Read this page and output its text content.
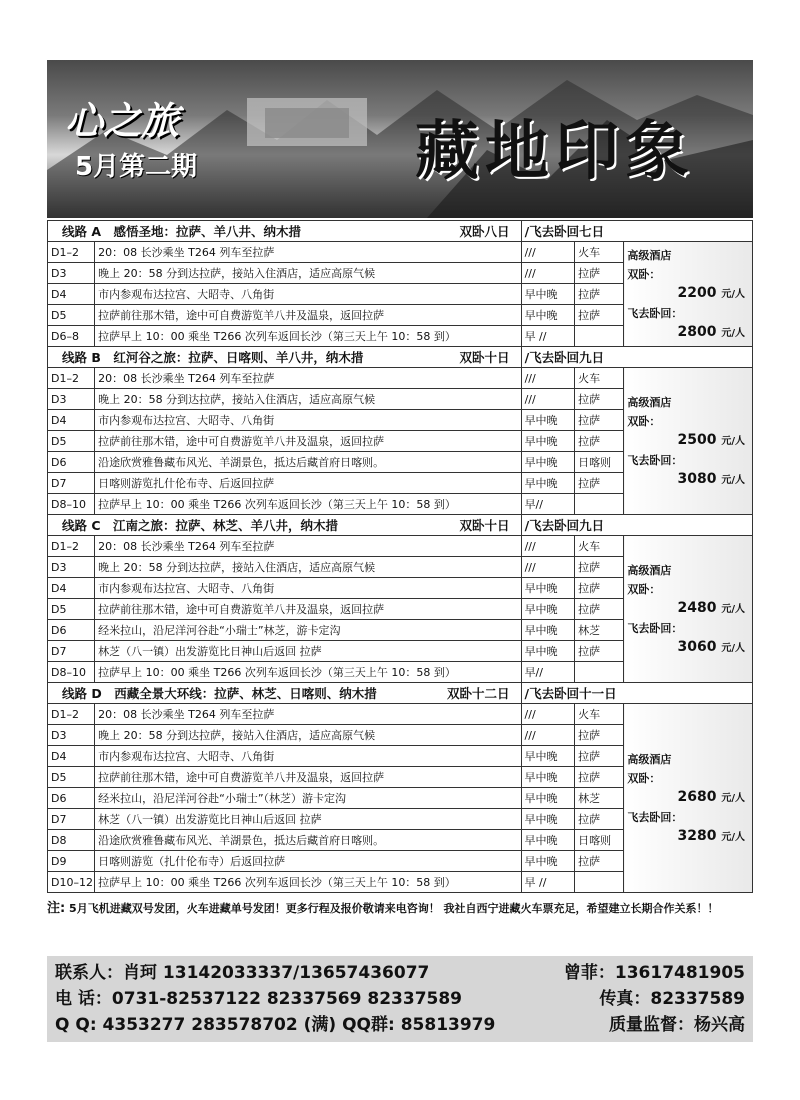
心之旅
5月第二期	藏地印象
线路 A　 感悟圣地：拉萨、羊八井、纳木措 双卧八日		/飞去卧回七日		
D1–2	20：08 长沙乘坐 T264 列车至拉萨	///	火车	高级酒店
双卧：
2200 元/人
飞去卧回：
2800 元/人

D3	晚上 20：58 分到达拉萨，接站入住酒店，适应高原气候	///	拉萨	
D4	市内参观布达拉宫、大昭寺、八角街	早中晚	拉萨	
D5	拉萨前往那木错，途中可自费游览羊八井及温泉，返回拉萨	早中晚	拉萨	
D6–8	拉萨早上 10：00 乘坐 T266 次列车返回长沙（第三天上午 10：58 到）	早 //		
线路 B　 红河谷之旅：拉萨、日喀则、羊八井，纳木措 双卧十日		/飞去卧回九日		
D1–2	20：08 长沙乘坐 T264 列车至拉萨	///	火车	高级酒店
双卧：
2500 元/人
飞去卧回：
3080 元/人

D3	晚上 20：58 分到达拉萨，接站入住酒店，适应高原气候	///	拉萨	
D4	市内参观布达拉宫、大昭寺、八角街	早中晚	拉萨	
D5	拉萨前往那木错，途中可自费游览羊八井及温泉，返回拉萨	早中晚	拉萨	
D6	沿途欣赏雅鲁藏布风光、羊湖景色，抵达后藏首府日喀则。	早中晚	日喀则	
D7	日喀则游览扎什伦布寺、后返回拉萨	早中晚	拉萨	
D8–10	拉萨早上 10：00 乘坐 T266 次列车返回长沙（第三天上午 10：58 到）	早//		
线路 C　 江南之旅：拉萨、林芝、羊八井，纳木措 双卧十日		/飞去卧回九日		
D1–2	20：08 长沙乘坐 T264 列车至拉萨	///	火车	高级酒店
双卧：
2480 元/人
飞去卧回：
3060 元/人

D3	晚上 20：58 分到达拉萨，接站入住酒店，适应高原气候	///	拉萨	
D4	市内参观布达拉宫、大昭寺、八角街	早中晚	拉萨	
D5	拉萨前往那木错，途中可自费游览羊八井及温泉，返回拉萨	早中晚	拉萨	
D6	经米拉山，沿尼洋河谷赴“小瑞士”林芝，游卡定沟	早中晚	林芝	
D7	林芝（八一镇）出发游览比日神山后返回 拉萨	早中晚	拉萨	
D8–10	拉萨早上 10：00 乘坐 T266 次列车返回长沙（第三天上午 10：58 到）	早//		
线路 D　 西藏全景大环线：拉萨、林芝、日喀则、纳木措 双卧十二日		/飞去卧回十一日		
D1–2	20：08 长沙乘坐 T264 列车至拉萨	///	火车	高级酒店
双卧：
2680 元/人
飞去卧回：
3280 元/人

D3	晚上 20：58 分到达拉萨，接站入住酒店，适应高原气候	///	拉萨	
D4	市内参观布达拉宫、大昭寺、八角街	早中晚	拉萨	
D5	拉萨前往那木错，途中可自费游览羊八井及温泉，返回拉萨	早中晚	拉萨	
D6	经米拉山，沿尼洋河谷赴“小瑞士”（林芝）游卡定沟	早中晚	林芝	
D7	林芝（八一镇）出发游览比日神山后返回 拉萨	早中晚	拉萨	
D8	沿途欣赏雅鲁藏布风光、羊湖景色，抵达后藏首府日喀则。	早中晚	日喀则	
D9	日喀则游览（扎什伦布寺）后返回拉萨	早中晚	拉萨	
D10–12	拉萨早上 10：00 乘坐 T266 次列车返回长沙（第三天上午 10：58 到）	早 //		
注: 5月飞机进藏双号发团，火车进藏单号发团！更多行程及报价敬请来电咨询！ 我社自西宁进藏火车票充足，希望建立长期合作关系！！
联系人：肖珂 13142033337/13657436077	曾菲：13617481905
电 话：0731-82537122 82337569 82337589	传真：82337589
Q Q: 4353277 283578702 (满) QQ群: 85813979	质量监督：杨兴高
